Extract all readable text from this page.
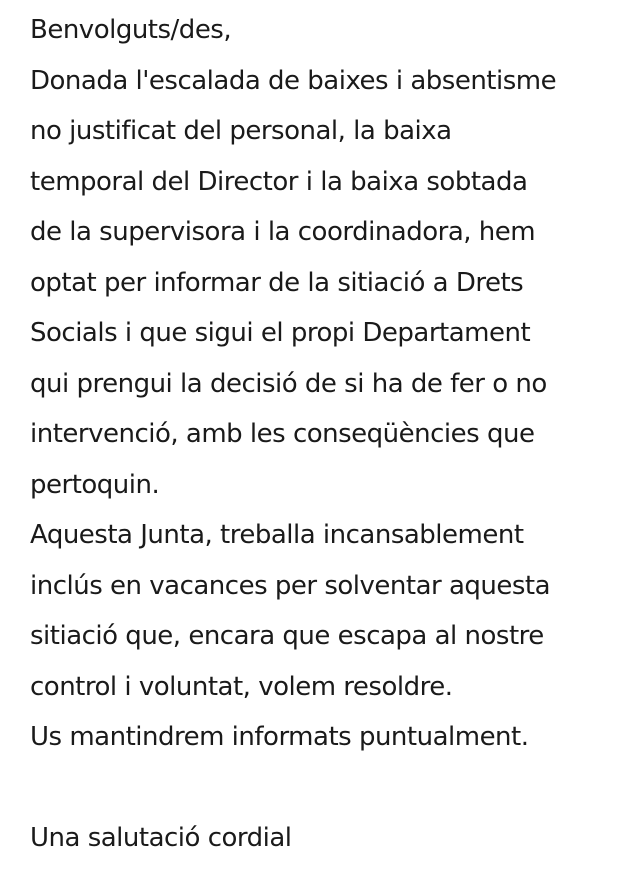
Benvolguts/des,
Donada l'escalada de baixes i absentisme
no justificat del personal, la baixa
temporal del Director i la baixa sobtada
de la supervisora i la coordinadora, hem
optat per informar de la sitiació a Drets
Socials i que sigui el propi Departament
qui prengui la decisió de si ha de fer o no
intervenció, amb les conseqüències que
pertoquin.
Aquesta Junta, treballa incansablement
inclús en vacances per solventar aquesta
sitiació que, encara que escapa al nostre
control i voluntat, volem resoldre.
Us mantindrem informats puntualment.
Una salutació cordial
